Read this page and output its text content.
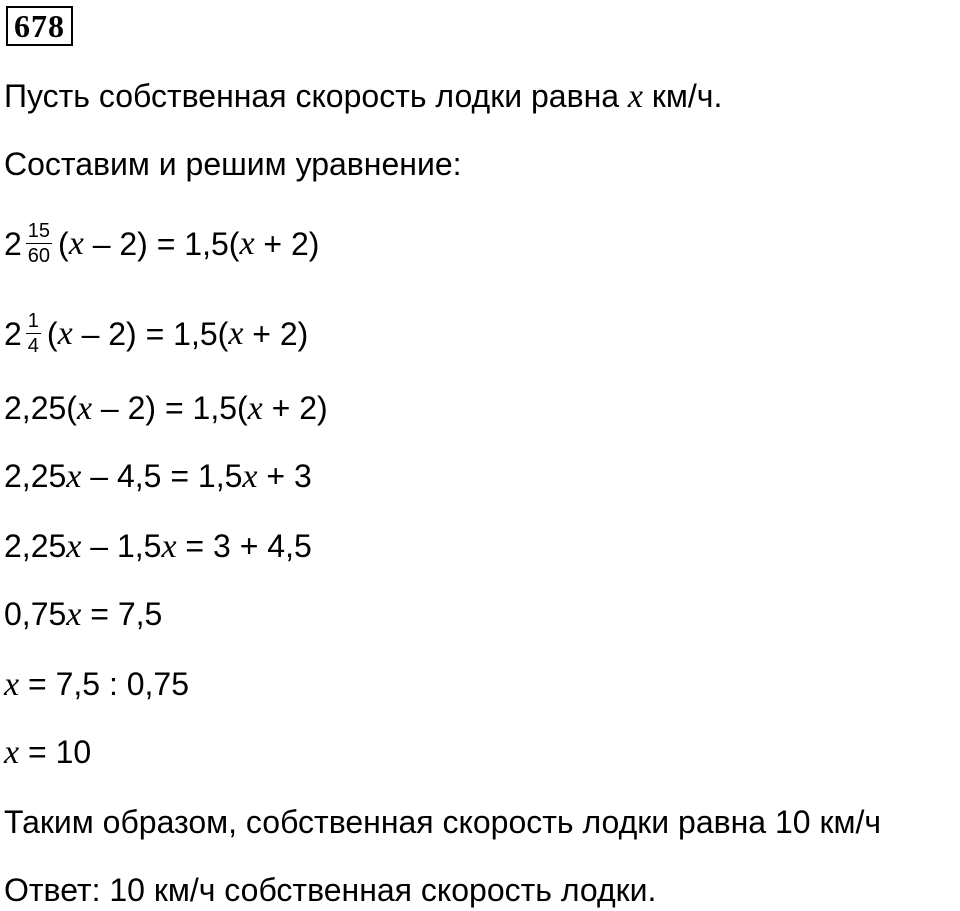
678
Пусть собственная скорость лодки равна x км/ч.
Составим и решим уравнение:
$2 \frac{15}{60}$ ( x – 2) = 1,5( x + 2)
$2 \frac{1}{4}$ ( x – 2) = 1,5( x + 2)
2,25(x – 2) = 1,5(x + 2)
2,25x – 4,5 = 1,5x + 3
2,25x – 1,5x = 3 + 4,5
0,75x = 7,5
x = 7,5 : 0,75
x = 10
Таким образом, собственная скорость лодки равна 10 км/ч
Ответ: 10 км/ч собственная скорость лодки.
